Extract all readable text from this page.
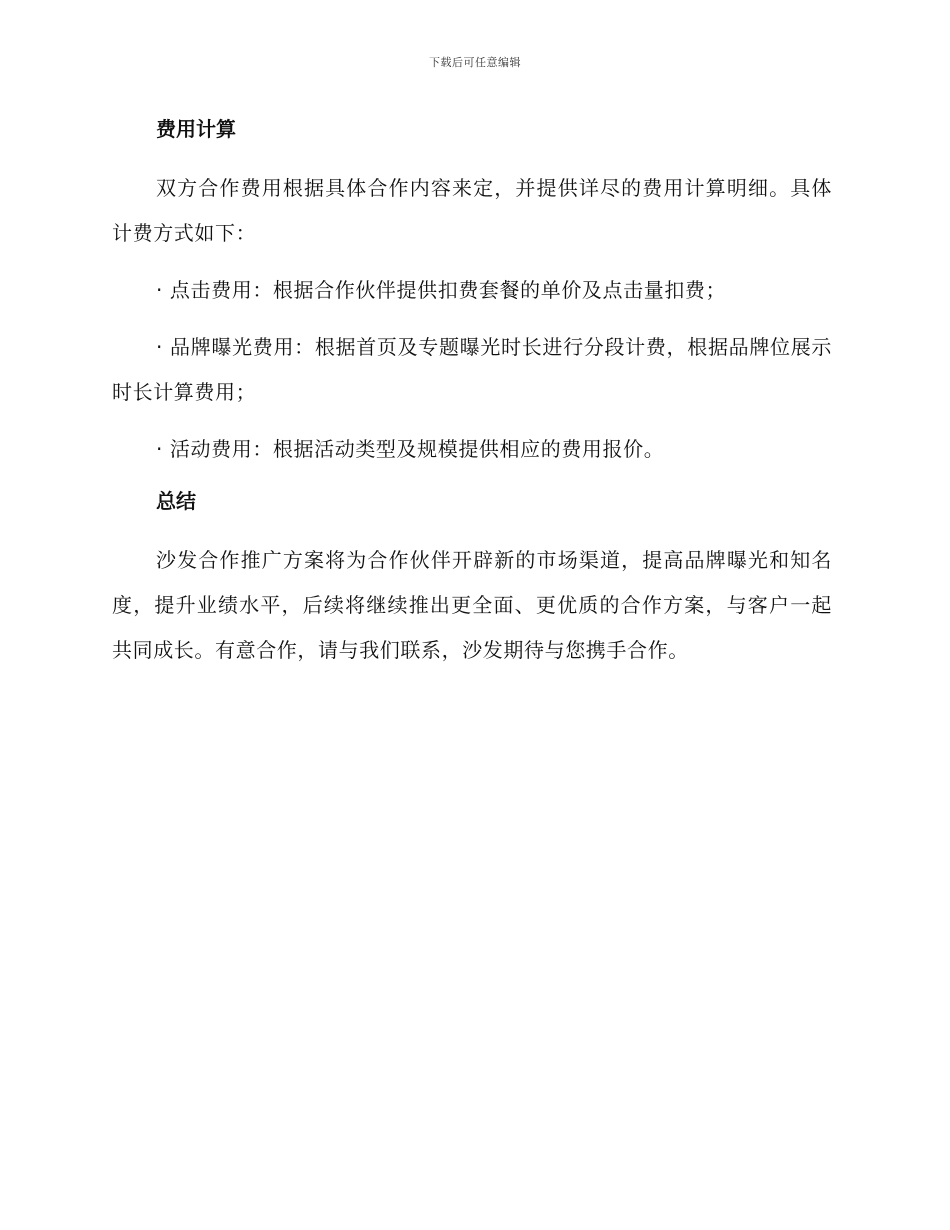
下载后可任意编辑
费用计算

双方合作费用根据具体合作内容来定，并提供详尽的费用计算明细。具体计费方式如下：

· 点击费用：根据合作伙伴提供扣费套餐的单价及点击量扣费；

· 品牌曝光费用：根据首页及专题曝光时长进行分段计费，根据品牌位展示时长计算费用；

· 活动费用：根据活动类型及规模提供相应的费用报价。

总结

沙发合作推广方案将为合作伙伴开辟新的市场渠道，提高品牌曝光和知名度，提升业绩水平，后续将继续推出更全面、更优质的合作方案，与客户一起共同成长。有意合作，请与我们联系，沙发期待与您携手合作。
